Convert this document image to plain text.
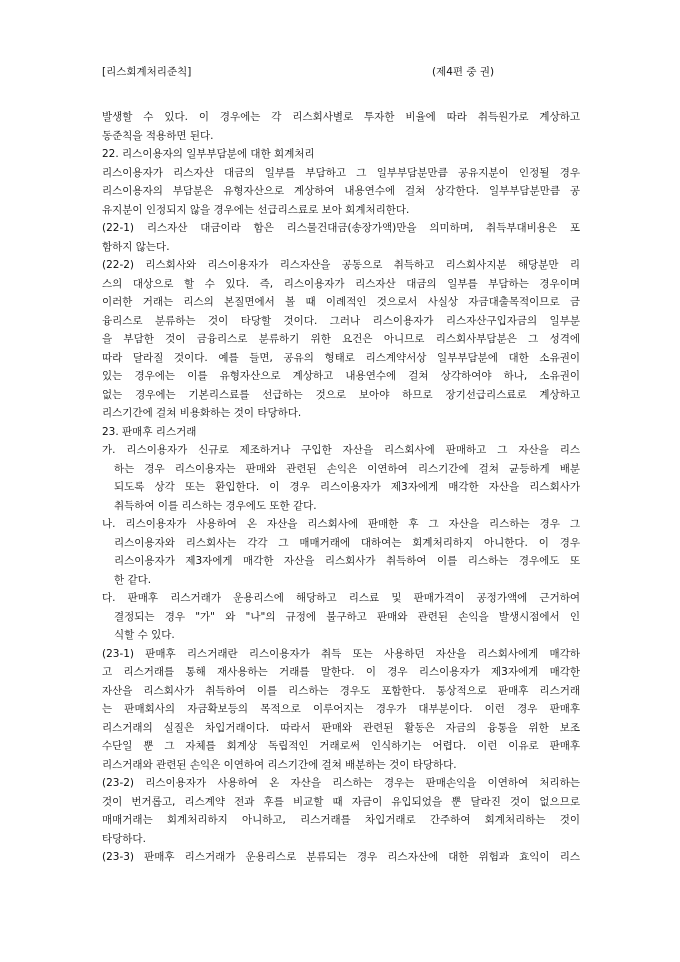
[리스회계처리준칙]	(제4편 중 권)
발생할 수 있다. 이 경우에는 각 리스회사별로 투자한 비율에 따라 취득원가로 계상하고
동준칙을 적용하면 된다.
22. 리스이용자의 일부부담분에 대한 회계처리
리스이용자가 리스자산 대금의 일부를 부담하고 그 일부부담분만큼 공유지분이 인정될 경우
리스이용자의 부담분은 유형자산으로 계상하여 내용연수에 걸쳐 상각한다. 일부부담분만큼 공
유지분이 인정되지 않을 경우에는 선급리스료로 보아 회계처리한다.
(22-1) 리스자산 대금이라 함은 리스물건대금(송장가액)만을 의미하며, 취득부대비용은 포
함하지 않는다.
(22-2) 리스회사와 리스이용자가 리스자산을 공동으로 취득하고 리스회사지분 해당분만 리
스의 대상으로 할 수 있다. 즉, 리스이용자가 리스자산 대금의 일부를 부담하는 경우이며
이러한 거래는 리스의 본질면에서 볼 때 이례적인 것으로서 사실상 자금대출목적이므로 금
융리스로 분류하는 것이 타당할 것이다. 그러나 리스이용자가 리스자산구입자금의 일부분
을 부담한 것이 금융리스로 분류하기 위한 요건은 아니므로 리스회사부담분은 그 성격에
따라 달라질 것이다. 예를 들면, 공유의 형태로 리스계약서상 일부부담분에 대한 소유권이
있는 경우에는 이를 유형자산으로 계상하고 내용연수에 걸쳐 상각하여야 하나, 소유권이
없는 경우에는 기본리스료를 선급하는 것으로 보아야 하므로 장기선급리스료로 계상하고
리스기간에 걸쳐 비용화하는 것이 타당하다.
23. 판매후 리스거래
가. 리스이용자가 신규로 제조하거나 구입한 자산을 리스회사에 판매하고 그 자산을 리스
하는 경우 리스이용자는 판매와 관련된 손익은 이연하여 리스기간에 걸쳐 균등하게 배분
되도록 상각 또는 환입한다. 이 경우 리스이용자가 제3자에게 매각한 자산을 리스회사가
취득하여 이를 리스하는 경우에도 또한 같다.
나. 리스이용자가 사용하여 온 자산을 리스회사에 판매한 후 그 자산을 리스하는 경우 그
리스이용자와 리스회사는 각각 그 매매거래에 대하여는 회계처리하지 아니한다. 이 경우
리스이용자가 제3자에게 매각한 자산을 리스회사가 취득하여 이를 리스하는 경우에도 또
한 같다.
다. 판매후 리스거래가 운용리스에 해당하고 리스료 및 판매가격이 공정가액에 근거하여
결정되는 경우 "가" 와 "나"의 규정에 불구하고 판매와 관련된 손익을 발생시점에서 인
식할 수 있다.
(23-1) 판매후 리스거래란 리스이용자가 취득 또는 사용하던 자산을 리스회사에게 매각하
고 리스거래를 통해 재사용하는 거래를 말한다. 이 경우 리스이용자가 제3자에게 매각한
자산을 리스회사가 취득하여 이를 리스하는 경우도 포함한다. 통상적으로 판매후 리스거래
는 판매회사의 자금확보등의 목적으로 이루어지는 경우가 대부분이다. 이런 경우 판매후
리스거래의 실질은 차입거래이다. 따라서 판매와 관련된 활동은 자금의 융통을 위한 보조
수단일 뿐 그 자체를 회계상 독립적인 거래로써 인식하기는 어렵다. 이런 이유로 판매후
리스거래와 관련된 손익은 이연하여 리스기간에 걸쳐 배분하는 것이 타당하다.
(23-2) 리스이용자가 사용하여 온 자산을 리스하는 경우는 판매손익을 이연하여 처리하는
것이 번거롭고, 리스계약 전과 후를 비교할 때 자금이 유입되었을 뿐 달라진 것이 없으므로
매매거래는 회계처리하지 아니하고, 리스거래를 차입거래로 간주하여 회계처리하는 것이
타당하다.
(23-3) 판매후 리스거래가 운용리스로 분류되는 경우 리스자산에 대한 위험과 효익이 리스
